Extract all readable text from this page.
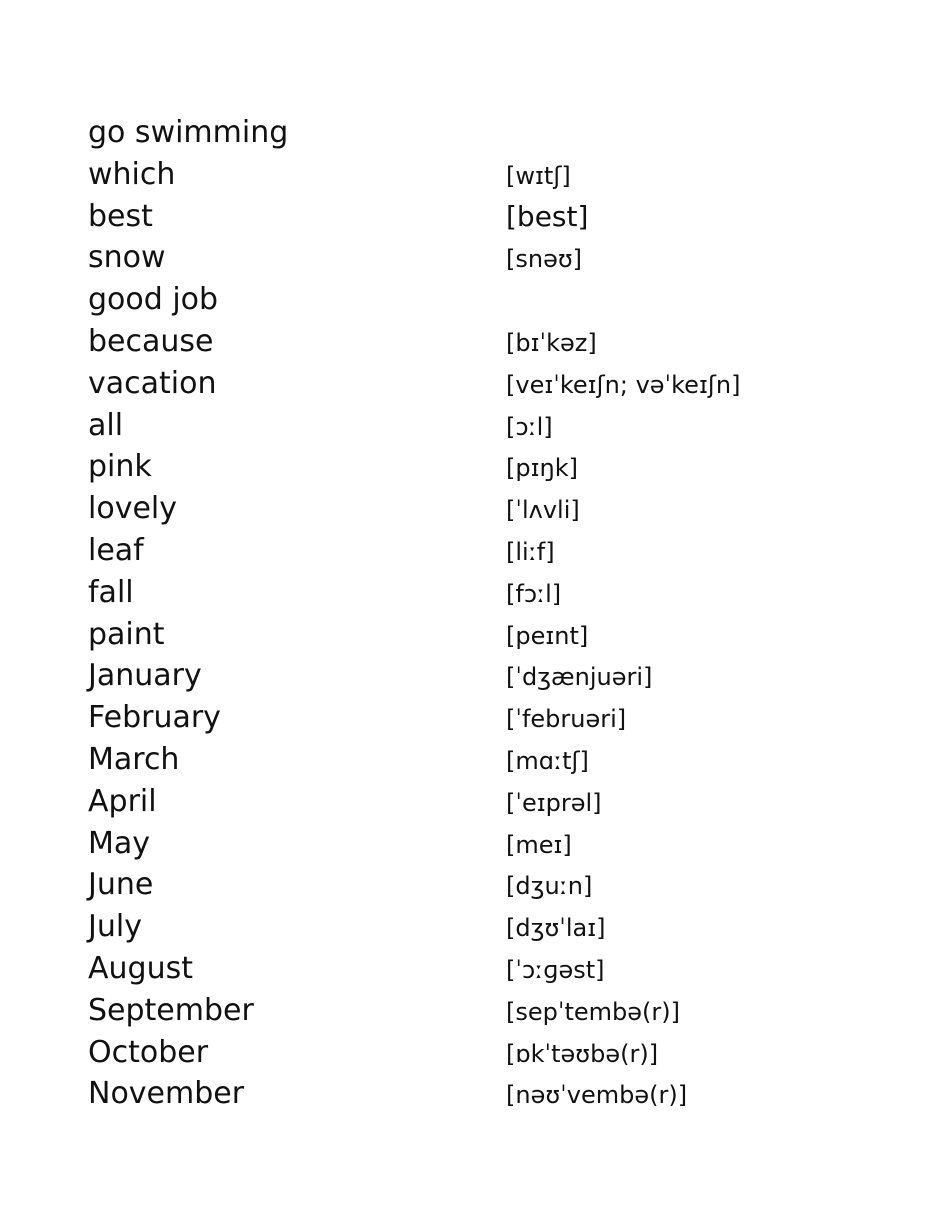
go swimming
which	[wɪtʃ]
best	[best]
snow	[snəʊ]
good job
because	[bɪˈkəz]
vacation	[veɪˈkeɪʃn; vəˈkeɪʃn]
all	[ɔːl]
pink	[pɪŋk]
lovely	[ˈlʌvli]
leaf	[liːf]
fall	[fɔːl]
paint	[peɪnt]
January	[ˈdʒænjuəri]
February	[ˈfebruəri]
March	[mɑːtʃ]
April	[ˈeɪprəl]
May	[meɪ]
June	[dʒuːn]
July	[dʒʊˈlaɪ]
August	[ˈɔːɡəst]
September	[sepˈtembə(r)]
October	[ɒkˈtəʊbə(r)]
November	[nəʊˈvembə(r)]
